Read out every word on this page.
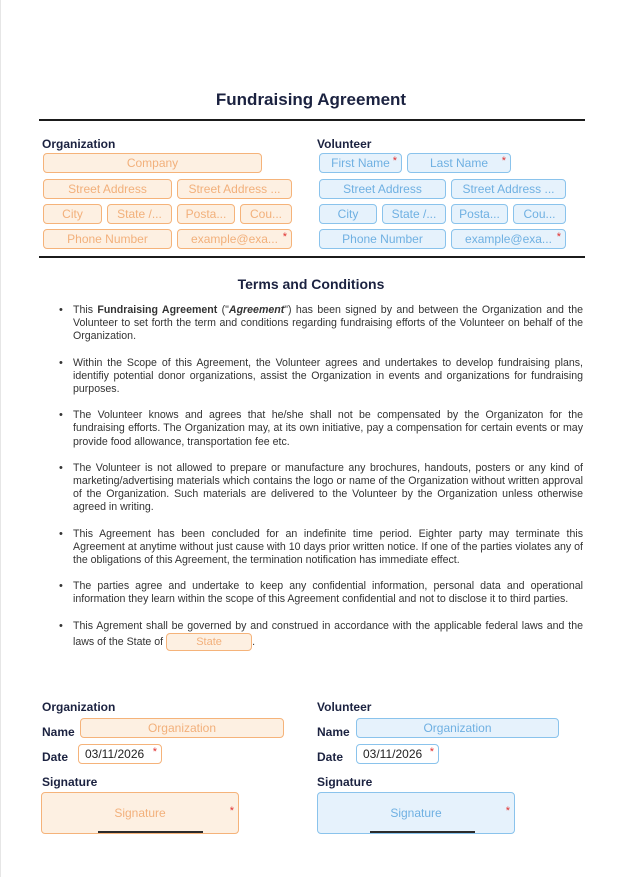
Fundraising Agreement
Organization	Volunteer
Company
Street Address	Street Address ...
City	State /...	Posta...	Cou...
Phone Number	example@exa... *
First Name *	Last Name *
Street Address	Street Address ...
City	State /...	Posta...	Cou...
Phone Number	example@exa... *
Terms and Conditions
• This Fundraising Agreement ("Agreement") has been signed by and between the Organization and the Volunteer to set forth the term and conditions regarding fundraising efforts of the Volunteer on behalf of the Organization.
• Within the Scope of this Agreement, the Volunteer agrees and undertakes to develop fundraising plans, identifiy potential donor organizations, assist the Organization in events and organizations for fundraising purposes.
• The Volunteer knows and agrees that he/she shall not be compensated by the Organizaton for the fundraising efforts. The Organization may, at its own initiative, pay a compensation for certain events or may provide food allowance, transportation fee etc.
• The Volunteer is not allowed to prepare or manufacture any brochures, handouts, posters or any kind of marketing/advertising materials which contains the logo or name of the Organization without written approval of the Organization. Such materials are delivered to the Volunteer by the Organization unless otherwise agreed in writing.
• This Agreement has been concluded for an indefinite time period. Eighter party may terminate this Agreement at anytime without just cause with 10 days prior written notice. If one of the parties violates any of the obligations of this Agreement, the termination notification has immediate effect.
• The parties agree and undertake to keep any confidential information, personal data and operational information they learn within the scope of this Agreement confidential and not to disclose it to third parties.
• This Agrement shall be governed by and construed in accordance with the applicable federal laws and the laws of the State of	State	.
Organization
Name	Organization
Date	03/11/2026 *
Signature
Signature *
Volunteer
Name	Organization
Date	03/11/2026 *
Signature
Signature *
